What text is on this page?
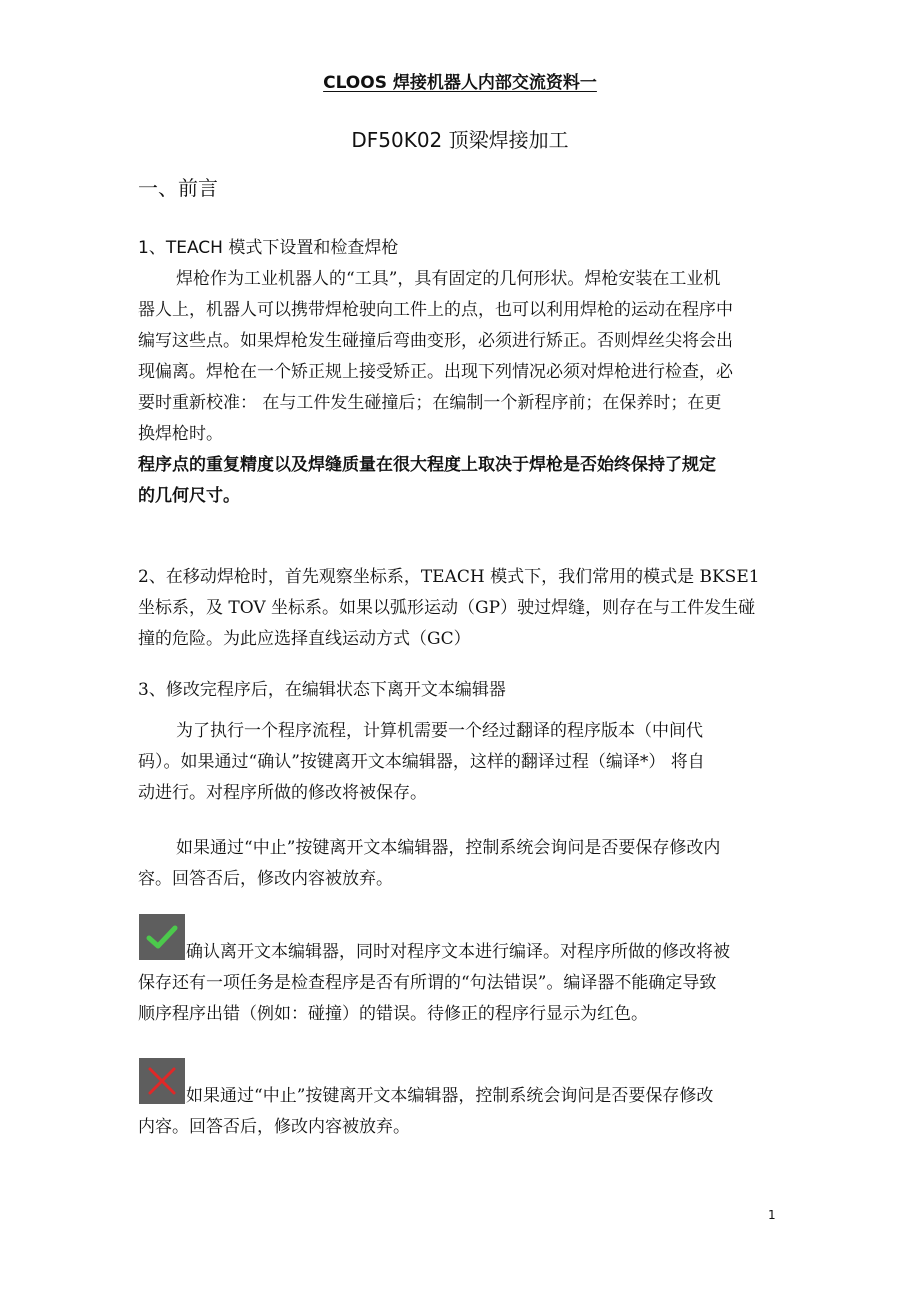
CLOOS 焊接机器人内部交流资料一
DF50K02 顶梁焊接加工
一、前言
1、TEACH 模式下设置和检查焊枪
焊枪作为工业机器人的“工具”，具有固定的几何形状。焊枪安装在工业机
器人上，机器人可以携带焊枪驶向工件上的点，也可以利用焊枪的运动在程序中
编写这些点。如果焊枪发生碰撞后弯曲变形，必须进行矫正。否则焊丝尖将会出
现偏离。焊枪在一个矫正规上接受矫正。出现下列情况必须对焊枪进行检查，必
要时重新校准： 在与工件发生碰撞后；在编制一个新程序前；在保养时；在更
换焊枪时。
程序点的重复精度以及焊缝质量在很大程度上取决于焊枪是否始终保持了规定
的几何尺寸。
2、在移动焊枪时，首先观察坐标系，TEACH 模式下，我们常用的模式是 BKSE1
坐标系，及 TOV 坐标系。如果以弧形运动（GP）驶过焊缝，则存在与工件发生碰
撞的危险。为此应选择直线运动方式（GC）
3、修改完程序后，在编辑状态下离开文本编辑器
为了执行一个程序流程，计算机需要一个经过翻译的程序版本（中间代
码）。如果通过“确认”按键离开文本编辑器，这样的翻译过程（编译*） 将自
动进行。对程序所做的修改将被保存。
如果通过“中止”按键离开文本编辑器，控制系统会询问是否要保存修改内
容。回答否后，修改内容被放弃。
确认离开文本编辑器，同时对程序文本进行编译。对程序所做的修改将被
保存还有一项任务是检查程序是否有所谓的“句法错误”。编译器不能确定导致
顺序程序出错（例如：碰撞）的错误。待修正的程序行显示为红色。
如果通过“中止”按键离开文本编辑器，控制系统会询问是否要保存修改
内容。回答否后，修改内容被放弃。
1
